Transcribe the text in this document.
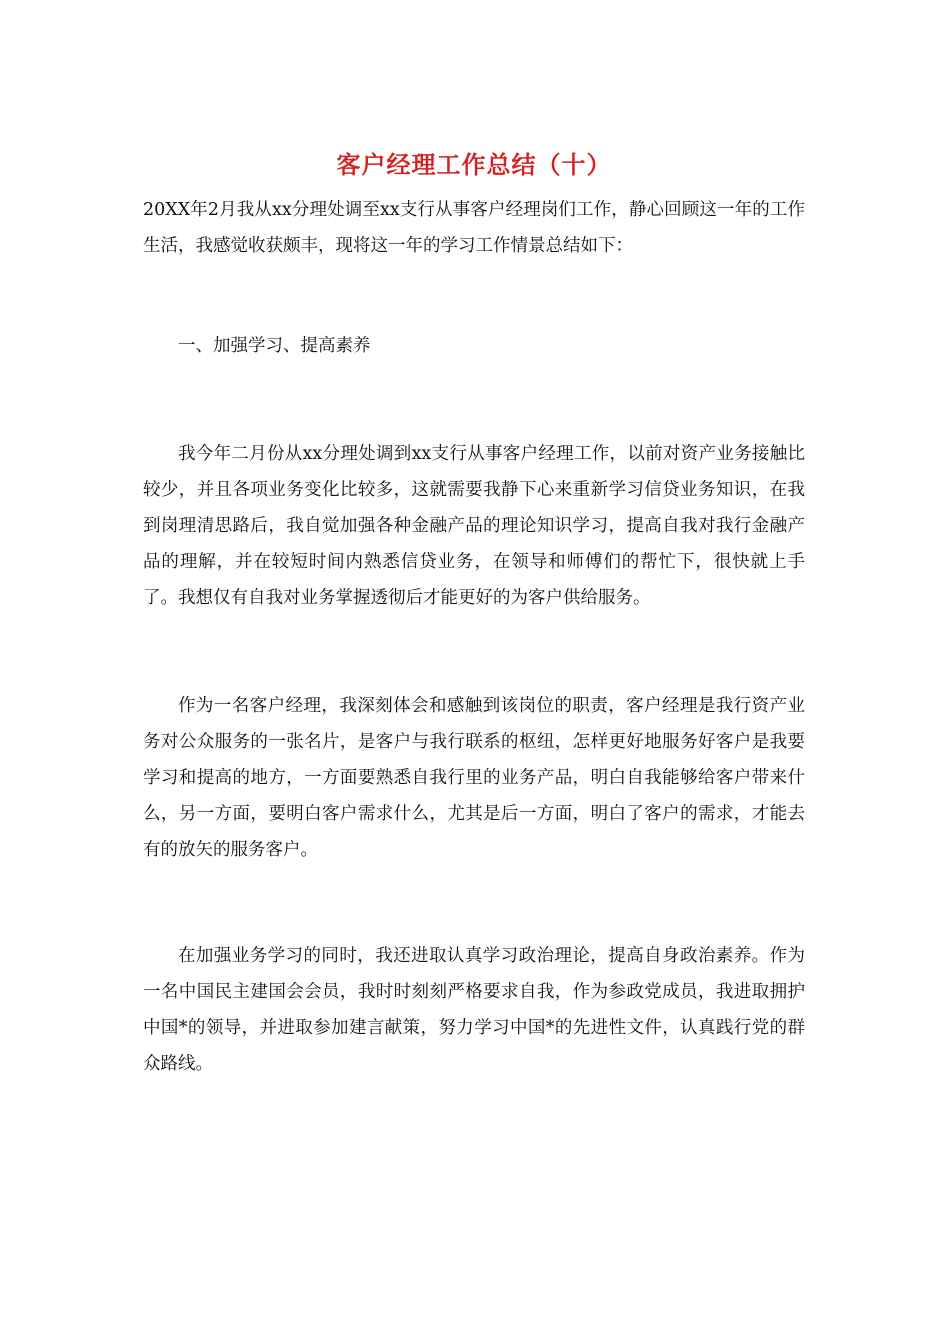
客户经理工作总结（十）

20XX年2月我从xx分理处调至xx支行从事客户经理岗们工作，静心回顾这一年的工作生活，我感觉收获颇丰，现将这一年的学习工作情景总结如下：

一、加强学习、提高素养

我今年二月份从xx分理处调到xx支行从事客户经理工作，以前对资产业务接触比较少，并且各项业务变化比较多，这就需要我静下心来重新学习信贷业务知识，在我到岗理清思路后，我自觉加强各种金融产品的理论知识学习，提高自我对我行金融产品的理解，并在较短时间内熟悉信贷业务，在领导和师傅们的帮忙下，很快就上手了。我想仅有自我对业务掌握透彻后才能更好的为客户供给服务。

作为一名客户经理，我深刻体会和感触到该岗位的职责，客户经理是我行资产业务对公众服务的一张名片，是客户与我行联系的枢纽，怎样更好地服务好客户是我要学习和提高的地方，一方面要熟悉自我行里的业务产品，明白自我能够给客户带来什么，另一方面，要明白客户需求什么，尤其是后一方面，明白了客户的需求，才能去有的放矢的服务客户。

在加强业务学习的同时，我还进取认真学习政治理论，提高自身政治素养。作为一名中国民主建国会会员，我时时刻刻严格要求自我，作为参政党成员，我进取拥护中国*的领导，并进取参加建言献策，努力学习中国*的先进性文件，认真践行党的群众路线。
